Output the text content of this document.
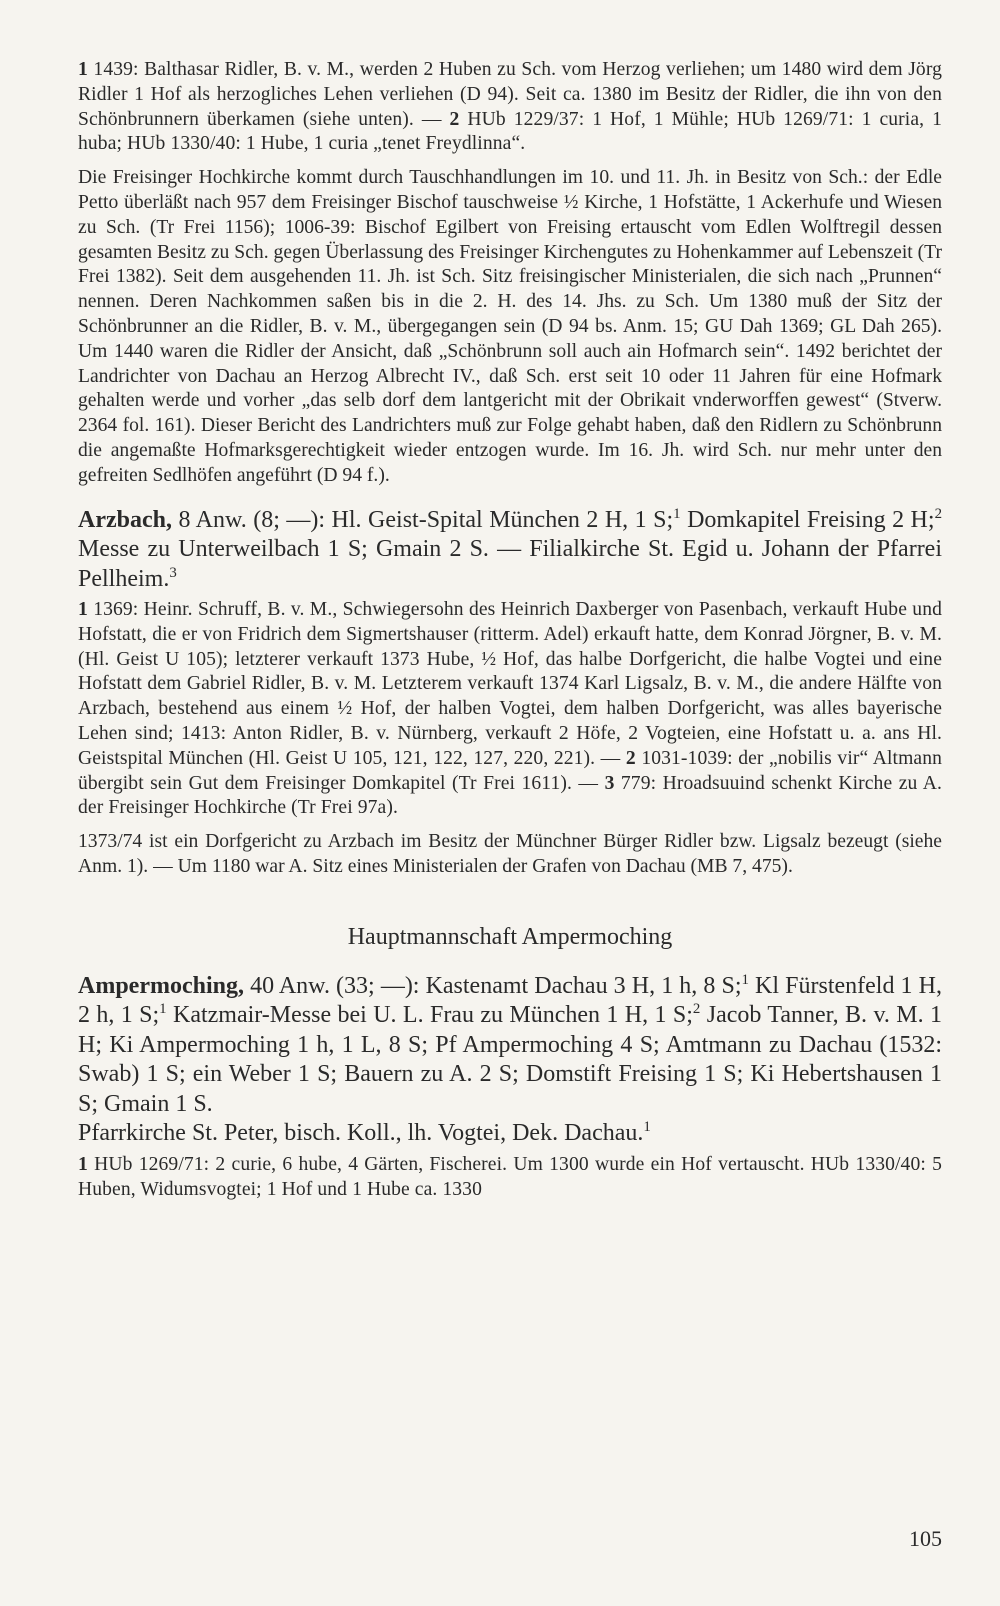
1 1439: Balthasar Ridler, B. v. M., werden 2 Huben zu Sch. vom Herzog verliehen; um 1480 wird dem Jörg Ridler 1 Hof als herzogliches Lehen verliehen (D 94). Seit ca. 1380 im Besitz der Ridler, die ihn von den Schönbrunnern überkamen (siehe unten). — 2 HUb 1229/37: 1 Hof, 1 Mühle; HUb 1269/71: 1 curia, 1 huba; HUb 1330/40: 1 Hube, 1 curia „tenet Freydlinna“.

Die Freisinger Hochkirche kommt durch Tauschhandlungen im 10. und 11. Jh. in Besitz von Sch.: der Edle Petto überläßt nach 957 dem Freisinger Bischof tauschweise ½ Kirche, 1 Hofstätte, 1 Ackerhufe und Wiesen zu Sch. (Tr Frei 1156); 1006-39: Bischof Egilbert von Freising ertauscht vom Edlen Wolftregil dessen gesamten Besitz zu Sch. gegen Überlassung des Freisinger Kirchengutes zu Hohenkammer auf Lebenszeit (Tr Frei 1382). Seit dem ausgehenden 11. Jh. ist Sch. Sitz freisingischer Ministerialen, die sich nach „Prunnen“ nennen. Deren Nachkommen saßen bis in die 2. H. des 14. Jhs. zu Sch. Um 1380 muß der Sitz der Schönbrunner an die Ridler, B. v. M., übergegangen sein (D 94 bs. Anm. 15; GU Dah 1369; GL Dah 265). Um 1440 waren die Ridler der Ansicht, daß „Schönbrunn soll auch ain Hofmarch sein“. 1492 berichtet der Landrichter von Dachau an Herzog Albrecht IV., daß Sch. erst seit 10 oder 11 Jahren für eine Hofmark gehalten werde und vorher „das selb dorf dem lantgericht mit der Obrikait vnderworffen gewest“ (Stverw. 2364 fol. 161). Dieser Bericht des Landrichters muß zur Folge gehabt haben, daß den Ridlern zu Schönbrunn die angemaßte Hofmarksgerechtigkeit wieder entzogen wurde. Im 16. Jh. wird Sch. nur mehr unter den gefreiten Sedlhöfen angeführt (D 94 f.).

Arzbach, 8 Anw. (8; —): Hl. Geist-Spital München 2 H, 1 S;$^1$ Domkapitel Freising 2 H;$^2$ Messe zu Unterweilbach 1 S; Gmain 2 S. — Filialkirche St. Egid u. Johann der Pfarrei Pellheim.$^3$

1 1369: Heinr. Schruff, B. v. M., Schwiegersohn des Heinrich Daxberger von Pasenbach, verkauft Hube und Hofstatt, die er von Fridrich dem Sigmertshauser (ritterm. Adel) erkauft hatte, dem Konrad Jörgner, B. v. M. (Hl. Geist U 105); letzterer verkauft 1373 Hube, ½ Hof, das halbe Dorfgericht, die halbe Vogtei und eine Hofstatt dem Gabriel Ridler, B. v. M. Letzterem verkauft 1374 Karl Ligsalz, B. v. M., die andere Hälfte von Arzbach, bestehend aus einem ½ Hof, der halben Vogtei, dem halben Dorfgericht, was alles bayerische Lehen sind; 1413: Anton Ridler, B. v. Nürnberg, verkauft 2 Höfe, 2 Vogteien, eine Hofstatt u. a. ans Hl. Geistspital München (Hl. Geist U 105, 121, 122, 127, 220, 221). — 2 1031-1039: der „nobilis vir“ Altmann übergibt sein Gut dem Freisinger Domkapitel (Tr Frei 1611). — 3 779: Hroadsuuind schenkt Kirche zu A. der Freisinger Hochkirche (Tr Frei 97a).

1373/74 ist ein Dorfgericht zu Arzbach im Besitz der Münchner Bürger Ridler bzw. Ligsalz bezeugt (siehe Anm. 1). — Um 1180 war A. Sitz eines Ministerialen der Grafen von Dachau (MB 7, 475).

Hauptmannschaft Ampermoching

Ampermoching, 40 Anw. (33; —): Kastenamt Dachau 3 H, 1 h, 8 S;$^1$ Kl Fürstenfeld 1 H, 2 h, 1 S;$^1$ Katzmair-Messe bei U. L. Frau zu München 1 H, 1 S;$^2$ Jacob Tanner, B. v. M. 1 H; Ki Ampermoching 1 h, 1 L, 8 S; Pf Ampermoching 4 S; Amtmann zu Dachau (1532: Swab) 1 S; ein Weber 1 S; Bauern zu A. 2 S; Domstift Freising 1 S; Ki Hebertshausen 1 S; Gmain 1 S.

Pfarrkirche St. Peter, bisch. Koll., lh. Vogtei, Dek. Dachau.$^1$

1 HUb 1269/71: 2 curie, 6 hube, 4 Gärten, Fischerei. Um 1300 wurde ein Hof vertauscht. HUb 1330/40: 5 Huben, Widumsvogtei; 1 Hof und 1 Hube ca. 1330

105
